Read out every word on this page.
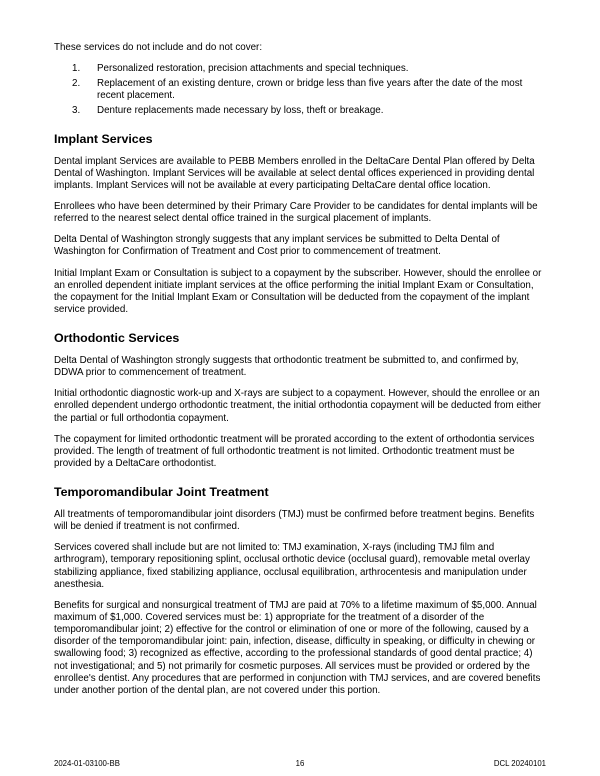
These services do not include and do not cover:

1.	Personalized restoration, precision attachments and special techniques.
2.	Replacement of an existing denture, crown or bridge less than five years after the date of the most recent placement.
3.	Denture replacements made necessary by loss, theft or breakage.
Implant Services

Dental implant Services are available to PEBB Members enrolled in the DeltaCare Dental Plan offered by Delta Dental of Washington. Implant Services will be available at select dental offices experienced in providing dental implants. Implant Services will not be available at every participating DeltaCare dental office location.

Enrollees who have been determined by their Primary Care Provider to be candidates for dental implants will be referred to the nearest select dental office trained in the surgical placement of implants.

Delta Dental of Washington strongly suggests that any implant services be submitted to Delta Dental of Washington for Confirmation of Treatment and Cost prior to commencement of treatment.

Initial Implant Exam or Consultation is subject to a copayment by the subscriber. However, should the enrollee or an enrolled dependent initiate implant services at the office performing the initial Implant Exam or Consultation, the copayment for the Initial Implant Exam or Consultation will be deducted from the copayment of the implant service provided.

Orthodontic Services

Delta Dental of Washington strongly suggests that orthodontic treatment be submitted to, and confirmed by, DDWA prior to commencement of treatment.

Initial orthodontic diagnostic work-up and X-rays are subject to a copayment. However, should the enrollee or an enrolled dependent undergo orthodontic treatment, the initial orthodontia copayment will be deducted from either the partial or full orthodontia copayment.

The copayment for limited orthodontic treatment will be prorated according to the extent of orthodontia services provided. The length of treatment of full orthodontic treatment is not limited. Orthodontic treatment must be provided by a DeltaCare orthodontist.

Temporomandibular Joint Treatment

All treatments of temporomandibular joint disorders (TMJ) must be confirmed before treatment begins. Benefits will be denied if treatment is not confirmed.

Services covered shall include but are not limited to: TMJ examination, X-rays (including TMJ film and arthrogram), temporary repositioning splint, occlusal orthotic device (occlusal guard), removable metal overlay stabilizing appliance, fixed stabilizing appliance, occlusal equilibration, arthrocentesis and manipulation under anesthesia.

Benefits for surgical and nonsurgical treatment of TMJ are paid at 70% to a lifetime maximum of $5,000. Annual maximum of $1,000. Covered services must be: 1) appropriate for the treatment of a disorder of the temporomandibular joint; 2) effective for the control or elimination of one or more of the following, caused by a disorder of the temporomandibular joint: pain, infection, disease, difficulty in speaking, or difficulty in chewing or swallowing food; 3) recognized as effective, according to the professional standards of good dental practice; 4) not investigational; and 5) not primarily for cosmetic purposes. All services must be provided or ordered by the enrollee's dentist. Any procedures that are performed in conjunction with TMJ services, and are covered benefits under another portion of the dental plan, are not covered under this portion.

2024-01-03100-BB	16	DCL 20240101
